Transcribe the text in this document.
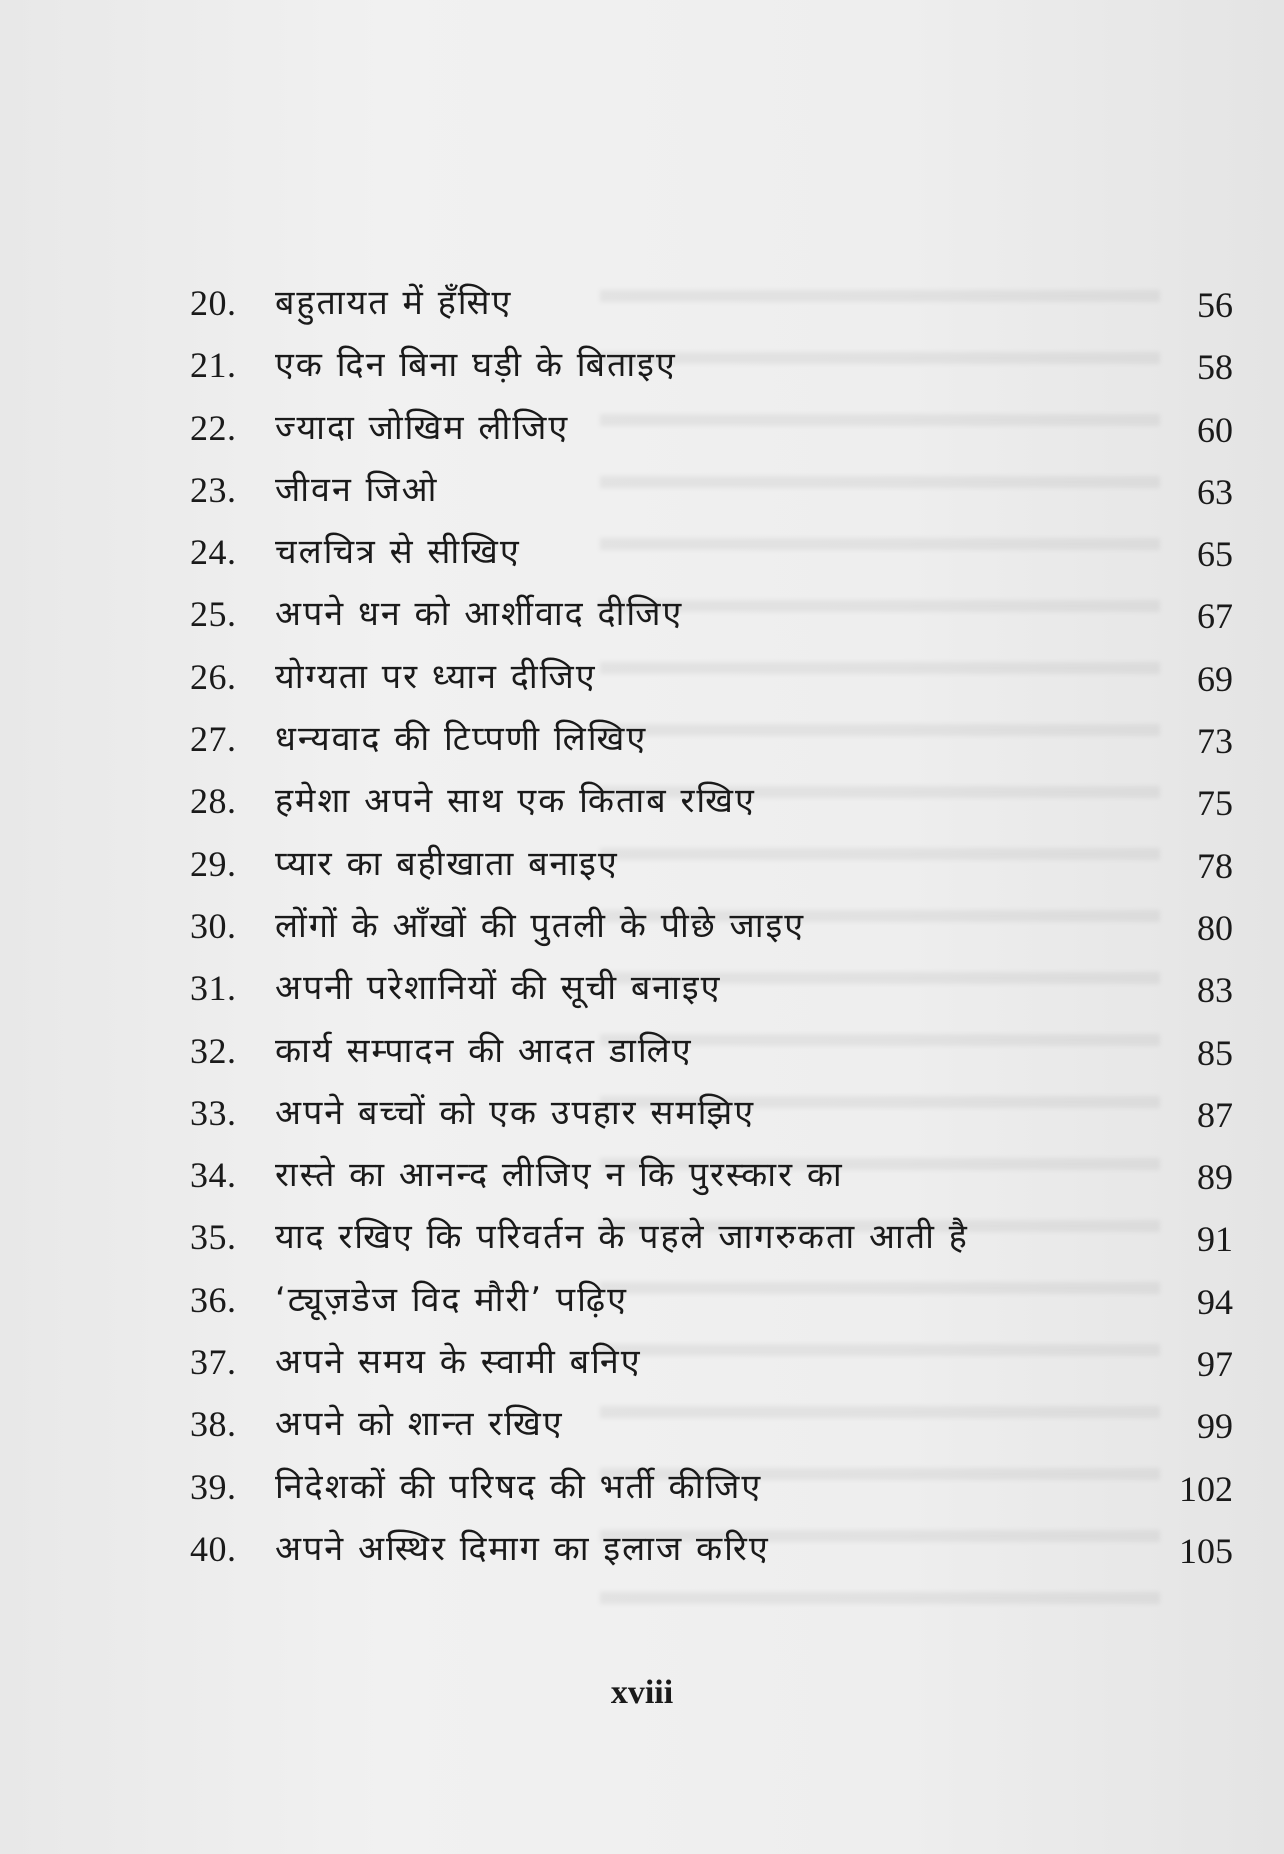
20. बहुतायत में हँसिए	56
21. एक दिन बिना घड़ी के बिताइए	58
22. ज्यादा जोखिम लीजिए	60
23. जीवन जिओ	63
24. चलचित्र से सीखिए	65
25. अपने धन को आर्शीवाद दीजिए	67
26. योग्यता पर ध्यान दीजिए	69
27. धन्यवाद की टिप्पणी लिखिए	73
28. हमेशा अपने साथ एक किताब रखिए	75
29. प्यार का बहीखाता बनाइए	78
30. लोंगों के आँखों की पुतली के पीछे जाइए	80
31. अपनी परेशानियों की सूची बनाइए	83
32. कार्य सम्पादन की आदत डालिए	85
33. अपने बच्चों को एक उपहार समझिए	87
34. रास्ते का आनन्द लीजिए न कि पुरस्कार का	89
35. याद रखिए कि परिवर्तन के पहले जागरुकता आती है	91
36. ‘ट्यूज़डेज विद मौरी’ पढ़िए	94
37. अपने समय के स्वामी बनिए	97
38. अपने को शान्त रखिए	99
39. निदेशकों की परिषद की भर्ती कीजिए	102
40. अपने अस्थिर दिमाग का इलाज करिए	105
xviii
